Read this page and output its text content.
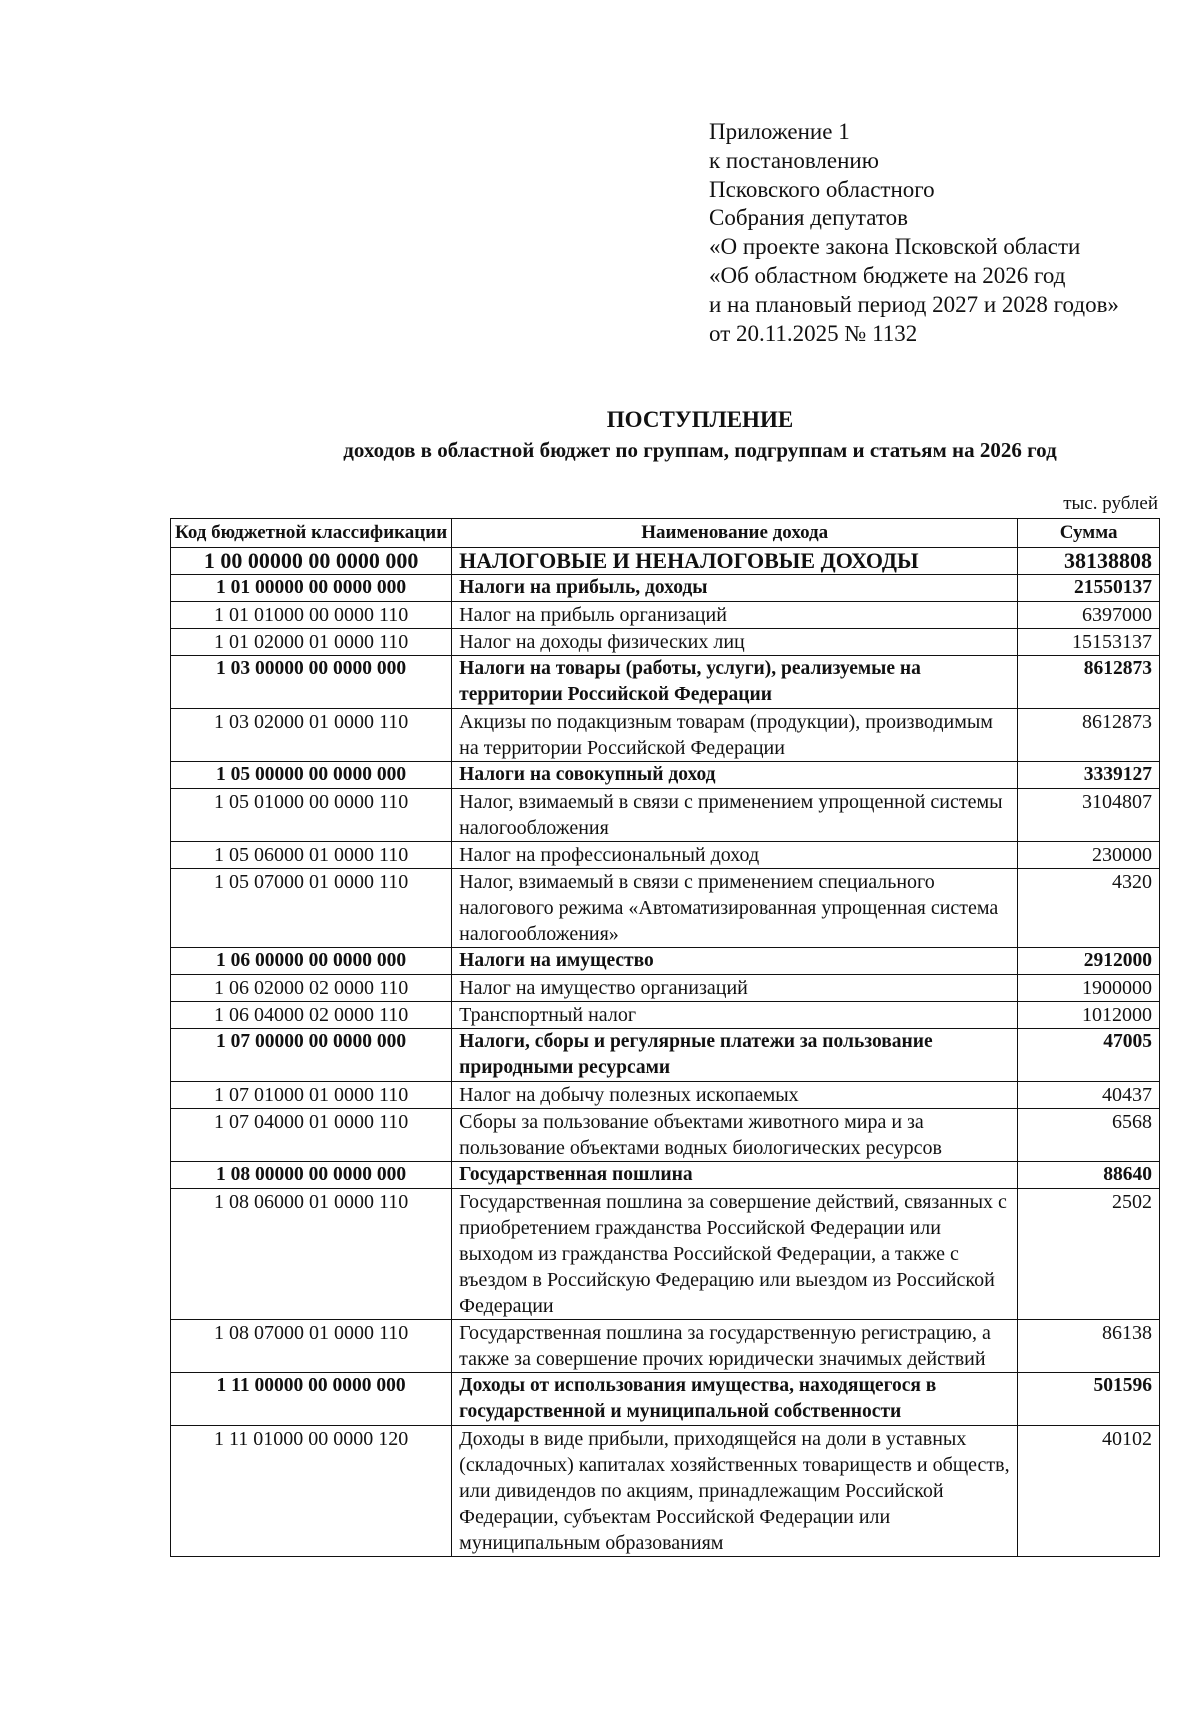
Приложение 1
к постановлению
Псковского областного
Собрания депутатов
«О проекте закона Псковской области
«Об областном бюджете на 2026 год
и на плановый период 2027 и 2028 годов»
от 20.11.2025 № 1132
ПОСТУПЛЕНИЕ
доходов в областной бюджет по группам, подгруппам и статьям на 2026 год
тыс. рублей
Код бюджетной классификации	Наименование дохода	Сумма
1 00 00000 00 0000 000	НАЛОГОВЫЕ И НЕНАЛОГОВЫЕ ДОХОДЫ	38138808
1 01 00000 00 0000 000	Налоги на прибыль, доходы	21550137
1 01 01000 00 0000 110	Налог на прибыль организаций	6397000
1 01 02000 01 0000 110	Налог на доходы физических лиц	15153137
1 03 00000 00 0000 000	Налоги на товары (работы, услуги), реализуемые на территории Российской Федерации	8612873
1 03 02000 01 0000 110	Акцизы по подакцизным товарам (продукции), производимым на территории Российской Федерации	8612873
1 05 00000 00 0000 000	Налоги на совокупный доход	3339127
1 05 01000 00 0000 110	Налог, взимаемый в связи с применением упрощенной системы налогообложения	3104807
1 05 06000 01 0000 110	Налог на профессиональный доход	230000
1 05 07000 01 0000 110	Налог, взимаемый в связи с применением специального налогового режима «Автоматизированная упрощенная система налогообложения»	4320
1 06 00000 00 0000 000	Налоги на имущество	2912000
1 06 02000 02 0000 110	Налог на имущество организаций	1900000
1 06 04000 02 0000 110	Транспортный налог	1012000
1 07 00000 00 0000 000	Налоги, сборы и регулярные платежи за пользование природными ресурсами	47005
1 07 01000 01 0000 110	Налог на добычу полезных ископаемых	40437
1 07 04000 01 0000 110	Сборы за пользование объектами животного мира и за пользование объектами водных биологических ресурсов	6568
1 08 00000 00 0000 000	Государственная пошлина	88640
1 08 06000 01 0000 110	Государственная пошлина за совершение действий, связанных с приобретением гражданства Российской Федерации или выходом из гражданства Российской Федерации, а также с въездом в Российскую Федерацию или выездом из Российской Федерации	2502
1 08 07000 01 0000 110	Государственная пошлина за государственную регистрацию, а также за совершение прочих юридически значимых действий	86138
1 11 00000 00 0000 000	Доходы от использования имущества, находящегося в государственной и муниципальной собственности	501596
1 11 01000 00 0000 120	Доходы в виде прибыли, приходящейся на доли в уставных (складочных) капиталах хозяйственных товариществ и обществ, или дивидендов по акциям, принадлежащим Российской Федерации, субъектам Российской Федерации или муниципальным образованиям	40102
